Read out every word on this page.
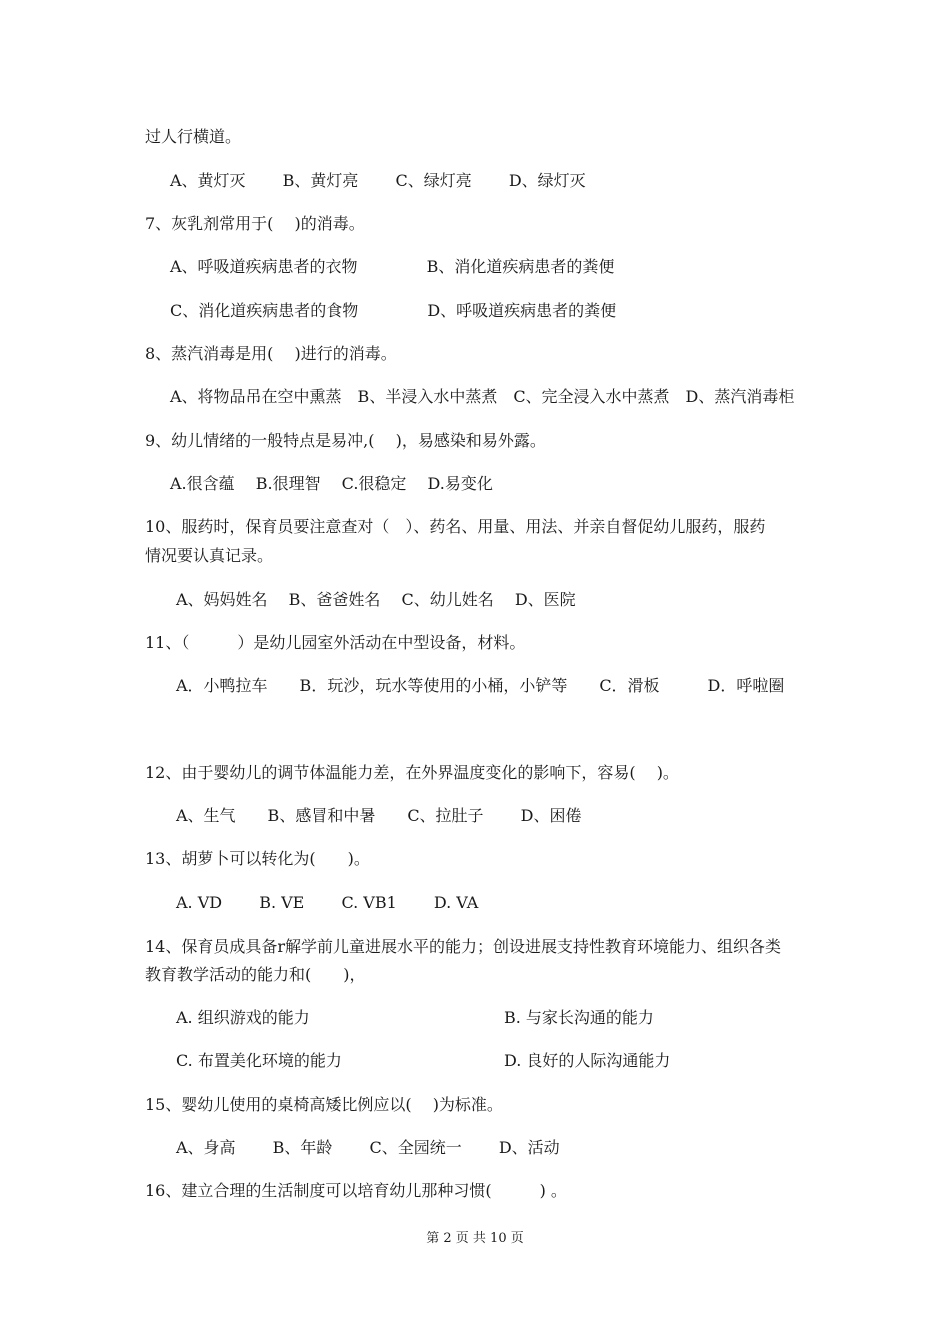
过人行横道。
A、黄灯灭　　 B、黄灯亮　　 C、绿灯亮　　 D、绿灯灭
7、灰乳剂常用于(　 )的消毒。
A、呼吸道疾病患者的衣物　　　　 B、消化道疾病患者的粪便
C、消化道疾病患者的食物　　　　 D、呼吸道疾病患者的粪便
8、蒸汽消毒是用(　 )进行的消毒。
A、将物品吊在空中熏蒸　B、半浸入水中蒸煮　C、完全浸入水中蒸煮　D、蒸汽消毒柜
9、幼儿情绪的一般特点是易冲,(　 )，易感染和易外露。
A.很含蕴　 B.很理智　 C.很稳定　 D.易变化
10、服药时，保育员要注意查对（　）、药名、用量、用法、并亲自督促幼儿服药，服药
情况要认真记录。
A、妈妈姓名　 B、爸爸姓名　 C、幼儿姓名　 D、医院
11、（　　　）是幼儿园室外活动在中型设备，材料。
A．小鸭拉车　　B．玩沙，玩水等使用的小桶，小铲等　　C．滑板　　　D．呼啦圈
12、由于婴幼儿的调节体温能力差，在外界温度变化的影响下，容易(　 )。
A、生气　　B、感冒和中暑　　C、拉肚子　　 D、困倦
13、胡萝卜可以转化为(　　)。
A. VD　　 B. VE　　 C. VB1　　 D. VA
14、保育员成具备r解学前儿童进展水平的能力；创设进展支持性教育环境能力、组织各类
教育教学活动的能力和(　　)，
A. 组织游戏的能力	B. 与家长沟通的能力
C. 布置美化环境的能力	D. 良好的人际沟通能力
15、婴幼儿使用的桌椅高矮比例应以(　 )为标准。
A、身高　　 B、年龄　　 C、全园统一　　 D、活动
16、建立合理的生活制度可以培育幼儿那种习惯(　　　) 。
第 2 页 共 10 页
